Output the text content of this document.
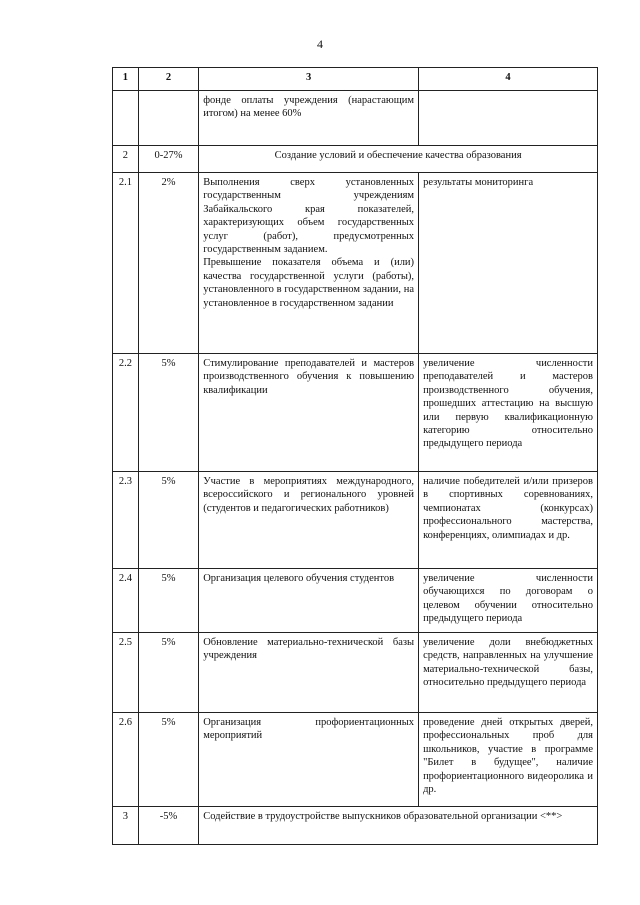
4
1	2	3	4
		фонде оплаты учреждения (нарастающим итогом) на менее 60%	
2	0-27%	Создание условий и обеспечение качества образования	
2.1	2%	Выполнения сверх установленных государственным учреждениям Забайкальского края показателей, характеризующих объем государственных услуг (работ), предусмотренных государственным заданием.
Превышение показателя объема и (или) качества государственной услуги (работы), установленного в государственном задании, на установленное в государственном задании	результаты мониторинга
2.2	5%	Стимулирование преподавателей и мастеров производственного обучения к повышению квалификации	увеличение численности преподавателей и мастеров производственного обучения, прошедших аттестацию на высшую или первую квалификационную категорию относительно предыдущего периода
2.3	5%	Участие в мероприятиях международного, всероссийского и регионального уровней (студентов и педагогических работников)	наличие победителей и/или призеров в спортивных соревнованиях, чемпионатах (конкурсах) профессионального мастерства, конференциях, олимпиадах и др.
2.4	5%	Организация целевого обучения студентов	увеличение численности обучающихся по договорам о целевом обучении относительно предыдущего периода
2.5	5%	Обновление материально-технической базы учреждения	увеличение доли внебюджетных средств, направленных на улучшение материально-технической базы, относительно предыдущего периода
2.6	5%	Организация профориентационных мероприятий	проведение дней открытых дверей, профессиональных проб для школьников, участие в программе "Билет в будущее", наличие профориентационного видеоролика и др.
3	-5%	Содействие в трудоустройстве выпускников образовательной организации <**>	
